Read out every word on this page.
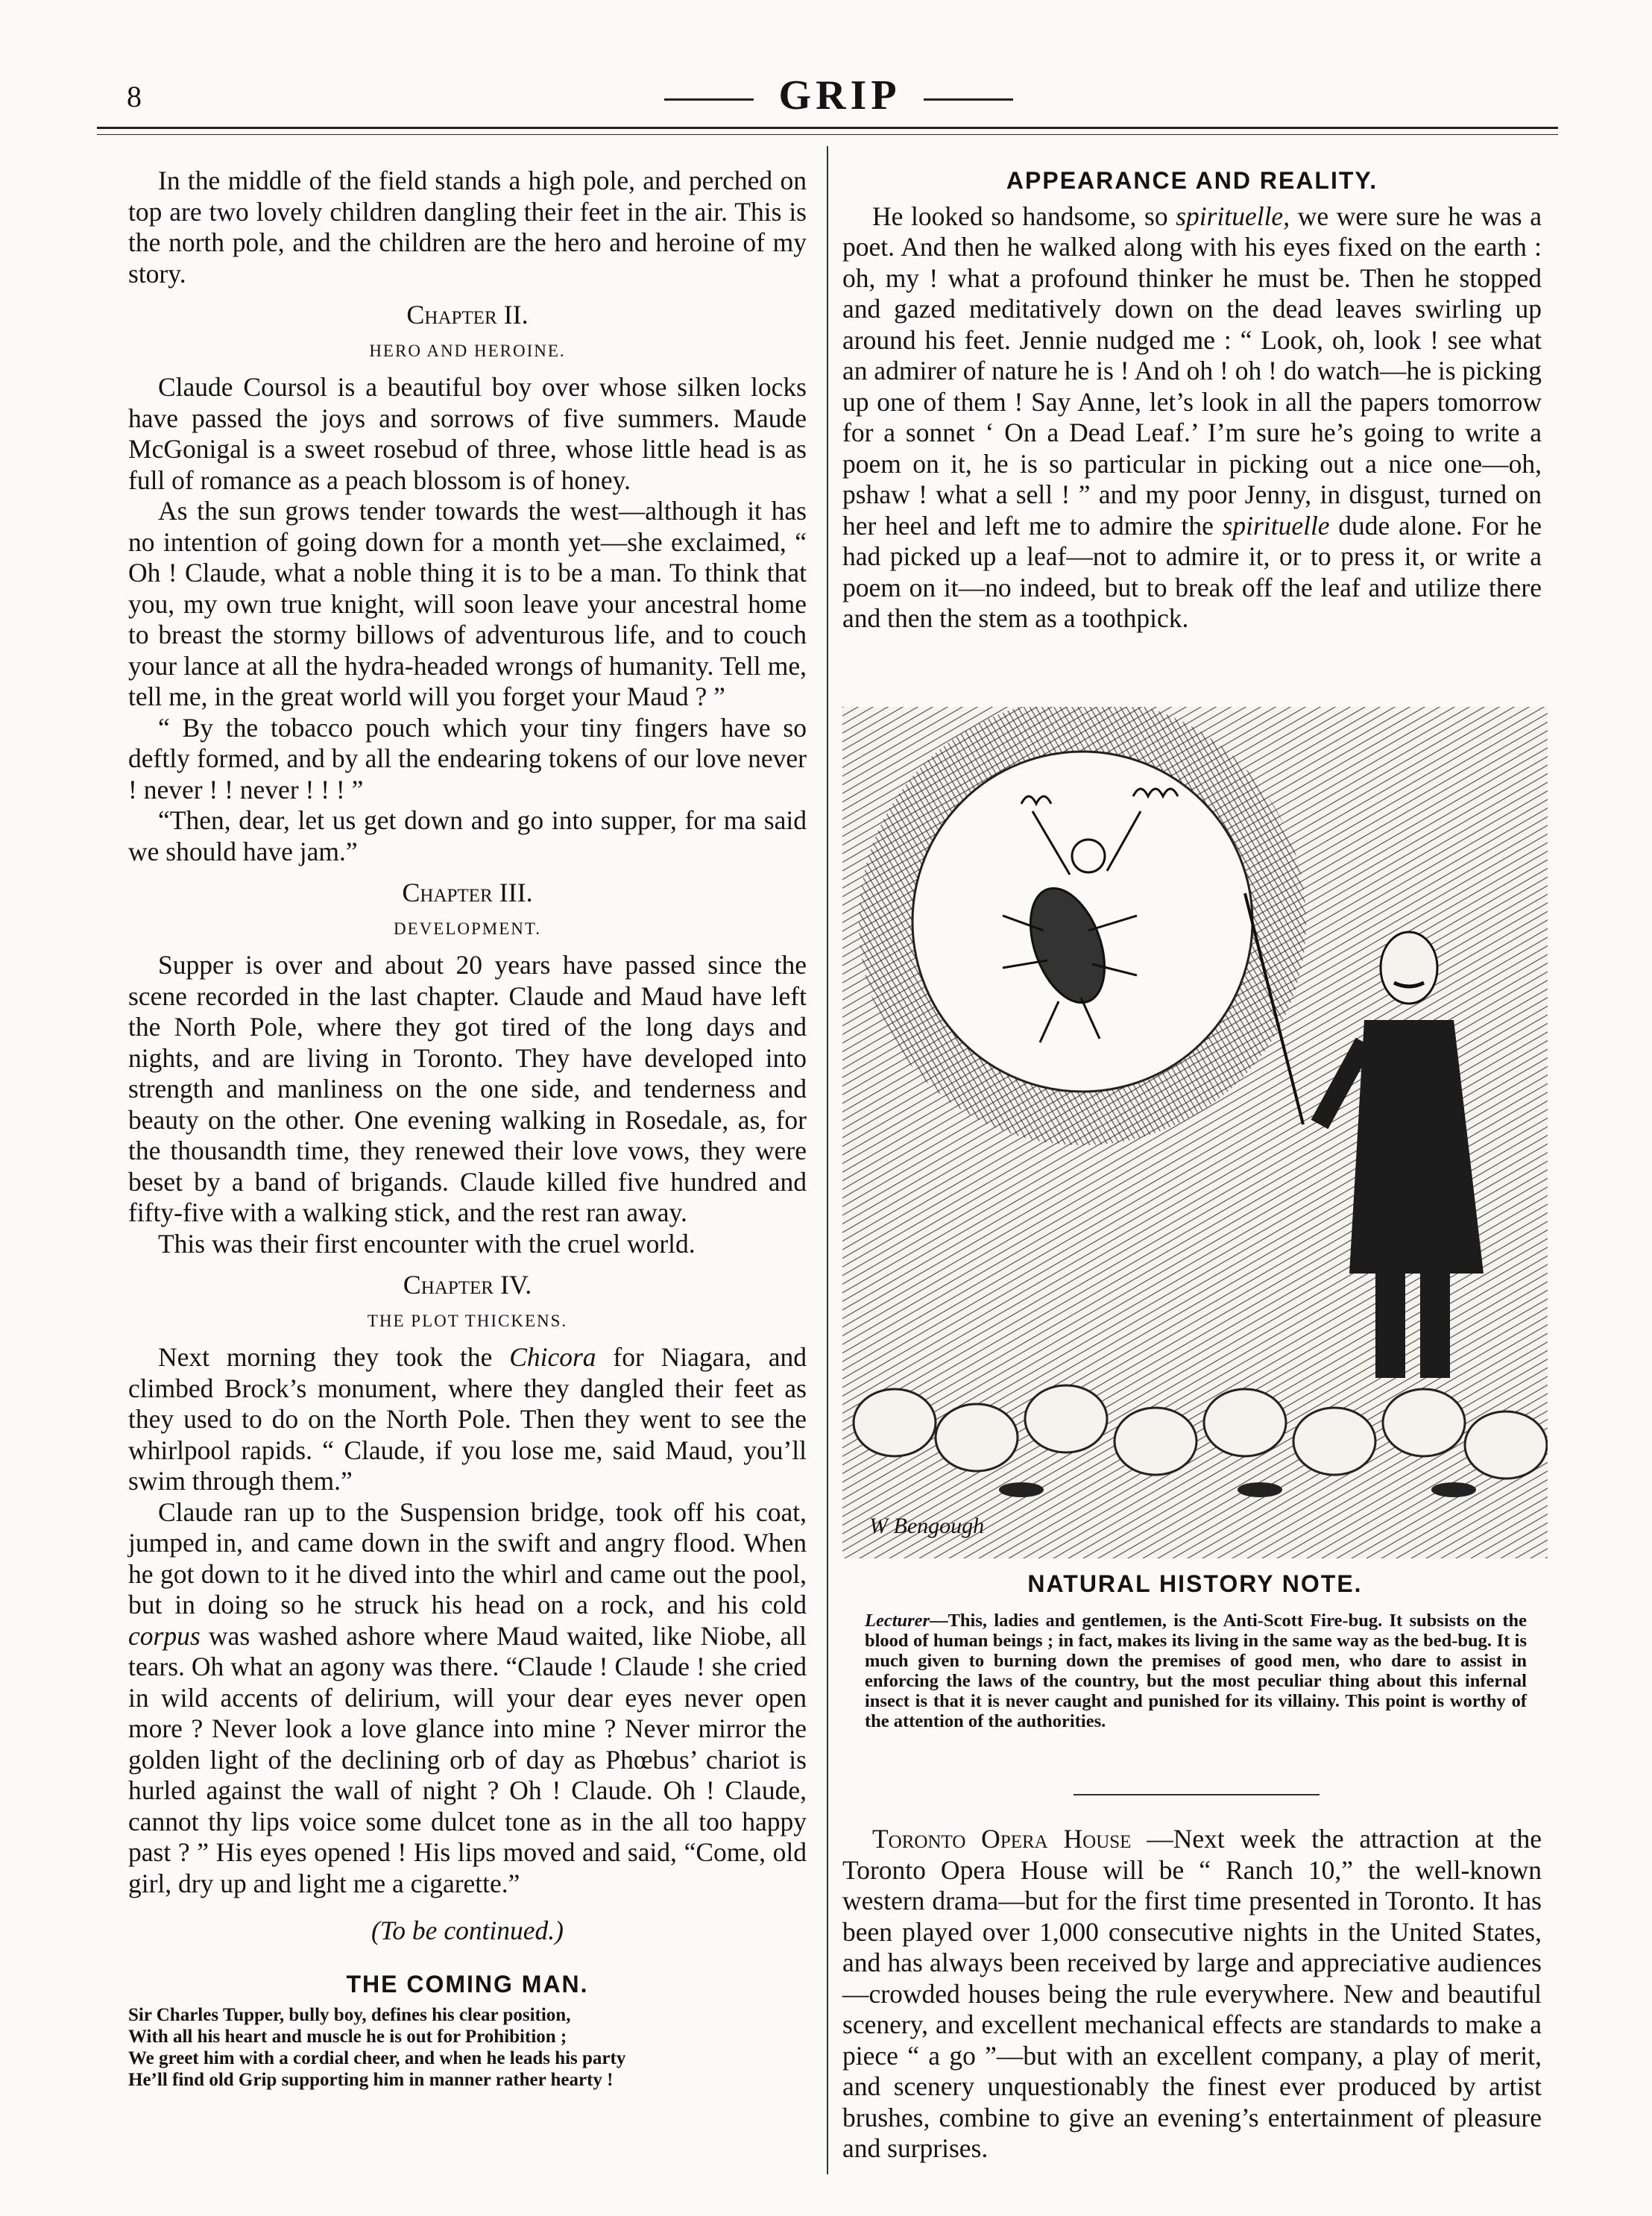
8	GRIP

In the middle of the field stands a high pole, and perched on top are two lovely children dangling their feet in the air. This is the north pole, and the children are the hero and heroine of my story.

Chapter II.
HERO AND HEROINE.

Claude Coursol is a beautiful boy over whose silken locks have passed the joys and sorrows of five summers. Maude McGonigal is a sweet rosebud of three, whose little head is as full of romance as a peach blossom is of honey.

As the sun grows tender towards the west—although it has no intention of going down for a month yet—she exclaimed, “ Oh ! Claude, what a noble thing it is to be a man. To think that you, my own true knight, will soon leave your ancestral home to breast the stormy billows of adventurous life, and to couch your lance at all the hydra-headed wrongs of humanity. Tell me, tell me, in the great world will you forget your Maud ? ”

“ By the tobacco pouch which your tiny fingers have so deftly formed, and by all the endearing tokens of our love never ! never ! ! never ! ! ! ”

“Then, dear, let us get down and go into supper, for ma said we should have jam.”

Chapter III.
DEVELOPMENT.

Supper is over and about 20 years have passed since the scene recorded in the last chapter. Claude and Maud have left the North Pole, where they got tired of the long days and nights, and are living in Toronto. They have developed into strength and manliness on the one side, and tenderness and beauty on the other. One evening walking in Rosedale, as, for the thousandth time, they renewed their love vows, they were beset by a band of brigands. Claude killed five hundred and fifty-five with a walking stick, and the rest ran away.

This was their first encounter with the cruel world.

Chapter IV.
THE PLOT THICKENS.

Next morning they took the Chicora for Niagara, and climbed Brock’s monument, where they dangled their feet as they used to do on the North Pole. Then they went to see the whirlpool rapids. “ Claude, if you lose me, said Maud, you’ll swim through them.”

Claude ran up to the Suspension bridge, took off his coat, jumped in, and came down in the swift and angry flood. When he got down to it he dived into the whirl and came out the pool, but in doing so he struck his head on a rock, and his cold corpus was washed ashore where Maud waited, like Niobe, all tears. Oh what an agony was there. “Claude ! Claude ! she cried in wild accents of delirium, will your dear eyes never open more ? Never look a love glance into mine ? Never mirror the golden light of the declining orb of day as Phœbus’ chariot is hurled against the wall of night ? Oh ! Claude. Oh ! Claude, cannot thy lips voice some dulcet tone as in the all too happy past ? ” His eyes opened ! His lips moved and said, “Come, old girl, dry up and light me a cigarette.”

(To be continued.)
THE COMING MAN.
Sir Charles Tupper, bully boy, defines his clear position,
With all his heart and muscle he is out for Prohibition ;
We greet him with a cordial cheer, and when he leads his party
He’ll find old Grip supporting him in manner rather hearty !
APPEARANCE AND REALITY.

He looked so handsome, so spirituelle, we were sure he was a poet. And then he walked along with his eyes fixed on the earth : oh, my ! what a profound thinker he must be. Then he stopped and gazed meditatively down on the dead leaves swirling up around his feet. Jennie nudged me : “ Look, oh, look ! see what an admirer of nature he is ! And oh ! oh ! do watch—he is picking up one of them ! Say Anne, let’s look in all the papers tomorrow for a sonnet ‘ On a Dead Leaf.’ I’m sure he’s going to write a poem on it, he is so particular in picking out a nice one—oh, pshaw ! what a sell ! ” and my poor Jenny, in disgust, turned on her heel and left me to admire the spirituelle dude alone. For he had picked up a leaf—not to admire it, or to press it, or write a poem on it—no indeed, but to break off the leaf and utilize there and then the stem as a toothpick.

W Bengough
NATURAL HISTORY NOTE.
Lecturer—This, ladies and gentlemen, is the Anti-Scott Fire-bug. It subsists on the blood of human beings ; in fact, makes its living in the same way as the bed-bug. It is much given to burning down the premises of good men, who dare to assist in enforcing the laws of the country, but the most peculiar thing about this infernal insect is that it is never caught and punished for its villainy. This point is worthy of the attention of the authorities.

Toronto Opera House —Next week the attraction at the Toronto Opera House will be “ Ranch 10,” the well-known western drama—but for the first time presented in Toronto. It has been played over 1,000 consecutive nights in the United States, and has always been received by large and appreciative audiences—crowded houses being the rule everywhere. New and beautiful scenery, and excellent mechanical effects are standards to make a piece “ a go ”—but with an excellent company, a play of merit, and scenery unquestionably the finest ever produced by artist brushes, combine to give an evening’s entertainment of pleasure and surprises.
